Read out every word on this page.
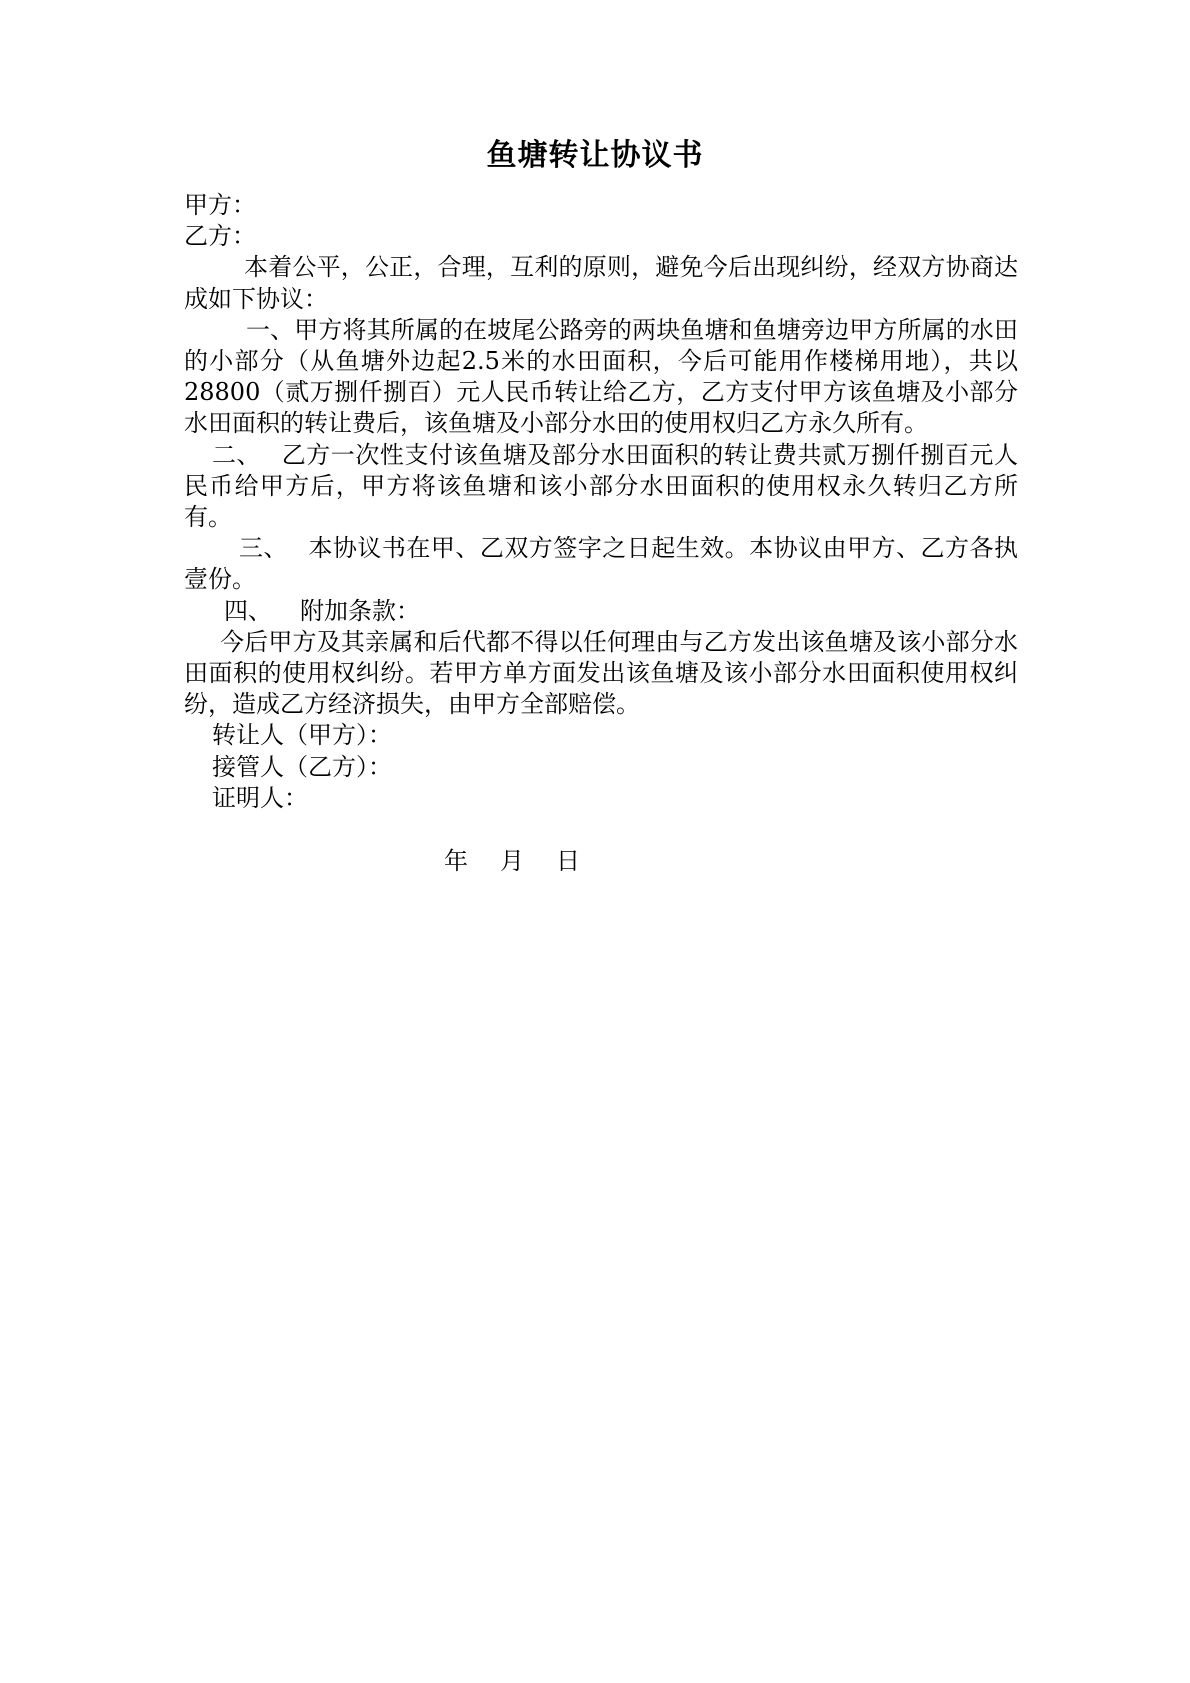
鱼塘转让协议书

甲方：

乙方：

本着公平，公正，合理，互利的原则，避免今后出现纠纷，经双方协商达成如下协议：

一、甲方将其所属的在坡尾公路旁的两块鱼塘和鱼塘旁边甲方所属的水田的小部分（从鱼塘外边起2.5米的水田面积，今后可能用作楼梯用地），共以28800（贰万捌仟捌百）元人民币转让给乙方，乙方支付甲方该鱼塘及小部分水田面积的转让费后，该鱼塘及小部分水田的使用权归乙方永久所有。

二、 乙方一次性支付该鱼塘及部分水田面积的转让费共贰万捌仟捌百元人民币给甲方后，甲方将该鱼塘和该小部分水田面积的使用权永久转归乙方所有。

三、 本协议书在甲、乙双方签字之日起生效。本协议由甲方、乙方各执壹份。

四、 附加条款：

今后甲方及其亲属和后代都不得以任何理由与乙方发出该鱼塘及该小部分水田面积的使用权纠纷。若甲方单方面发出该鱼塘及该小部分水田面积使用权纠纷，造成乙方经济损失，由甲方全部赔偿。

转让人（甲方）：

接管人（乙方）：

证明人：

年 月 日
